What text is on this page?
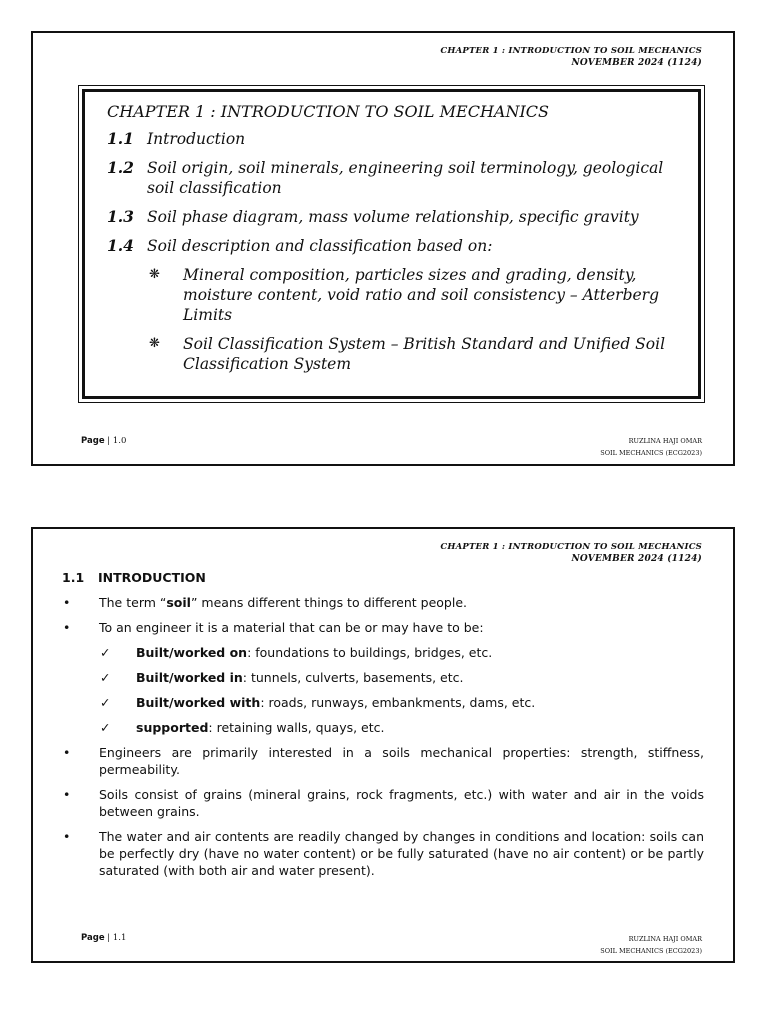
CHAPTER 1 : INTRODUCTION TO SOIL MECHANICS
NOVEMBER 2024 (1124)
CHAPTER 1 : INTRODUCTION TO SOIL MECHANICS
1.1 Introduction
1.2 Soil origin, soil minerals, engineering soil terminology, geological soil classification
1.3 Soil phase diagram, mass volume relationship, specific gravity
1.4 Soil description and classification based on:
❋	Mineral composition, particles sizes and grading, density, moisture content, void ratio and soil consistency – Atterberg Limits
❋	Soil Classification System – British Standard and Unified Soil Classification System
Page | 1.0	RUZLINA HAJI OMAR
SOIL MECHANICS (ECG2023)
CHAPTER 1 : INTRODUCTION TO SOIL MECHANICS
NOVEMBER 2024 (1124)
1.1	INTRODUCTION
•	The term “soil” means different things to different people.
•	To an engineer it is a material that can be or may have to be:
✓	Built/worked on: foundations to buildings, bridges, etc.
✓	Built/worked in: tunnels, culverts, basements, etc.
✓	Built/worked with: roads, runways, embankments, dams, etc.
✓	supported: retaining walls, quays, etc.
•	Engineers are primarily interested in a soils mechanical properties: strength, stiffness, permeability.
•	Soils consist of grains (mineral grains, rock fragments, etc.) with water and air in the voids between grains.
•	The water and air contents are readily changed by changes in conditions and location: soils can be perfectly dry (have no water content) or be fully saturated (have no air content) or be partly saturated (with both air and water present).
Page | 1.1	RUZLINA HAJI OMAR
SOIL MECHANICS (ECG2023)
